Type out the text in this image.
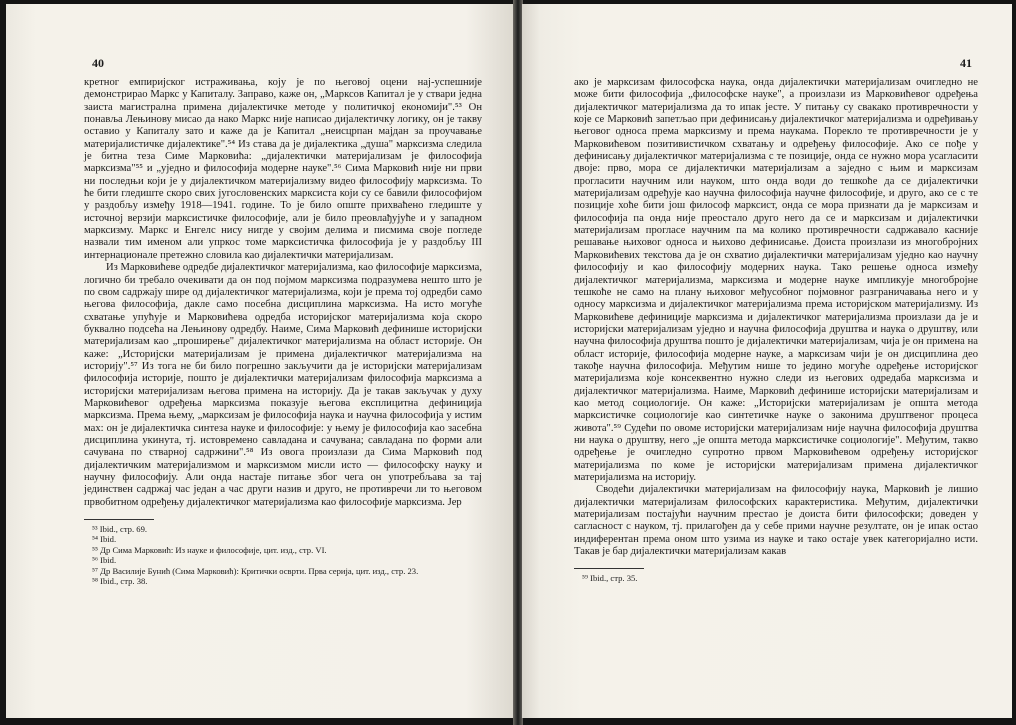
40

кретног емпиријског истраживања, коју је по његовој оцени нај-успешније демонстрирао Маркс у Капиталу. Заправо, каже он, „Марксов Капитал је у ствари једна заиста магистрална примена дијалектичке методе у политичкој економији".⁵³ Он понавља Лењинову мисао да нако Маркс није написао дијалектичку логику, он је такву оставио у Капиталу зато и каже да је Капитал „неисцрпан мајдан за проучавање материјалистичке дијалектике".⁵⁴ Из става да је дијалектика „душа" марксизма следила је битна теза Симе Марковића: „дијалектички материјализам је философија марксизма"⁵⁵ и „уједно и философија модерне науке".⁵⁶ Сима Марковић није ни први ни последњи који је у дијалектичком материјализму видео философију марксизма. То ће бити гледиште скоро свих југословенских марксиста који су се бавили философијом у раздобљу између 1918—1941. године. То је било опште прихваћено гледиште у источној верзији марксистичке философије, али је било преовлађујуће и у западном марксизму. Маркс и Енгелс нису нигде у својим делима и писмима своје погледе назвали тим именом али упркос томе марксистичка философија је у раздобљу III интернационале претежно словила као дијалектички материјализам.

Из Марковићеве одредбе дијалектичког материјализма, као философије марксизма, логично би требало очекивати да он под појмом марксизма подразумева нешто што је по свом садржају шире од дијалектичког материјализма, који је према тој одредби само његова философија, дакле само посебна дисциплина марксизма. На исто могуће схватање упућује и Марковићева одредба историјског материјализма која скоро буквално подсећа на Лењинову одредбу. Наиме, Сима Марковић дефинише историјски материјализам као „проширење" дијалектичког материјализма на област историје. Он каже: „Историјски материјализам је примена дијалектичког материјализма на историју".⁵⁷ Из тога не би било погрешно закључити да је историјски материјализам философија историје, пошто је дијалектички материјализам философија марксизма а историјски материјализам његова примена на историју. Да је такав закључак у духу Марковићевог одређења марксизма показује његова експлицитна дефиниција марксизма. Према њему, „марксизам је философија наука и научна философија у истим мах: он је дијалектичка синтеза науке и философије: у њему је философија као засебна дисциплина укинута, тј. истовремено савладана и сачувана; савладана по форми али сачувана по стварној садржини".⁵⁸ Из овога произлази да Сима Марковић под дијалектичким материјализмом и марксизмом мисли исто — философску науку и научну философију. Али онда настаје питање због чега он употребљава за тај јединствен садржај час један а час други назив и друго, не противречи ли то његовом првобитном одређењу дијалектичког материјализма као философије марксизма. Јер

⁵³ Ibid., стр. 69.
⁵⁴ Ibid.
⁵⁵ Др Сима Марковић: Из науке и философије, цит. изд., стр. VI.
⁵⁶ Ibid.
⁵⁷ Др Василије Бунић (Сима Марковић): Критички осврти. Прва серија, цит. изд., стр. 23.
⁵⁸ Ibid., стр. 38.
41

ако је марксизам философска наука, онда дијалектички материјализам очигледно не може бити философија „философске науке", а произлази из Марковићевог одређења дијалектичког материјализма да то ипак јесте. У питању су свакако противречности у које се Марковић запетљао при дефинисању дијалектичког материјализма и одређивању његовог односа према марксизму и према наукама. Порекло те противречности је у Марковићевом позитивистичком схватању и одређењу философије. Ако се пође у дефинисању дијалектичког материјализма с те позиције, онда се нужно мора усагласити двоје: прво, мора се дијалектички материјализам а заједно с њим и марксизам прогласити научним или науком, што онда води до тешкоће да се дијалектички материјализам одређује као научна философија научне философије, и друго, ако се с те позиције хоће бити још философ марксист, онда се мора признати да је марксизам и философија па онда није преостало друго него да се и марксизам и дијалектички материјализам прогласе научним па ма колико противречности садржавало касније решавање њиховог односа и њихово дефинисање. Доиста произлази из многобројних Марковићевих текстова да је он схватио дијалектички материјализам уједно као научну философију и као философију модерних наука. Тако решење односа између дијалектичког материјализма, марксизма и модерне науке импликује многобројне тешкоће не само на плану њиховог међусобног појмовног разграничавања него и у односу марксизма и дијалектичког материјализма према историјском материјализму. Из Марковићеве дефиниције марксизма и дијалектичког материјализма произлази да је и историјски материјализам уједно и научна философија друштва и наука о друштву, или научна философија друштва пошто је дијалектички материјализам, чија је он примена на област историје, философија модерне науке, а марксизам чији је он дисциплина део такође научна философија. Међутим нише то једино могуће одређење историјског материјализма које консеквентно нужно следи из његових одредаба марксизма и дијалектичког материјализма. Наиме, Марковић дефинише историјски материјализам и као метод социологије. Он каже: „Историјски материјализам је општа метода марксистичке социологије као синтетичке науке о законима друштвеног процеса живота".⁵⁹ Судећи по овоме историјски материјализам није научна философија друштва ни наука о друштву, него „је општа метода марксистичке социологије". Међутим, такво одређење је очигледно супротно првом Марковићевом одређењу историјског материјализма по коме је историјски материјализам примена дијалектичког материјализма на историју.

Сводећи дијалектички материјализам на философију наука, Марковић је лишио дијалектички материјализам философских карактеристика. Међутим, дијалектички материјализам постајући научним престао је доиста бити философски; доведен у сагласност с науком, тј. прилагођен да у себе прими научне резултате, он је ипак остао индиферентан према оном што узима из науке и тако остаје увек категоријално исти. Такав је бар дијалектички материјализам какав

⁵⁹ Ibid., стр. 35.
